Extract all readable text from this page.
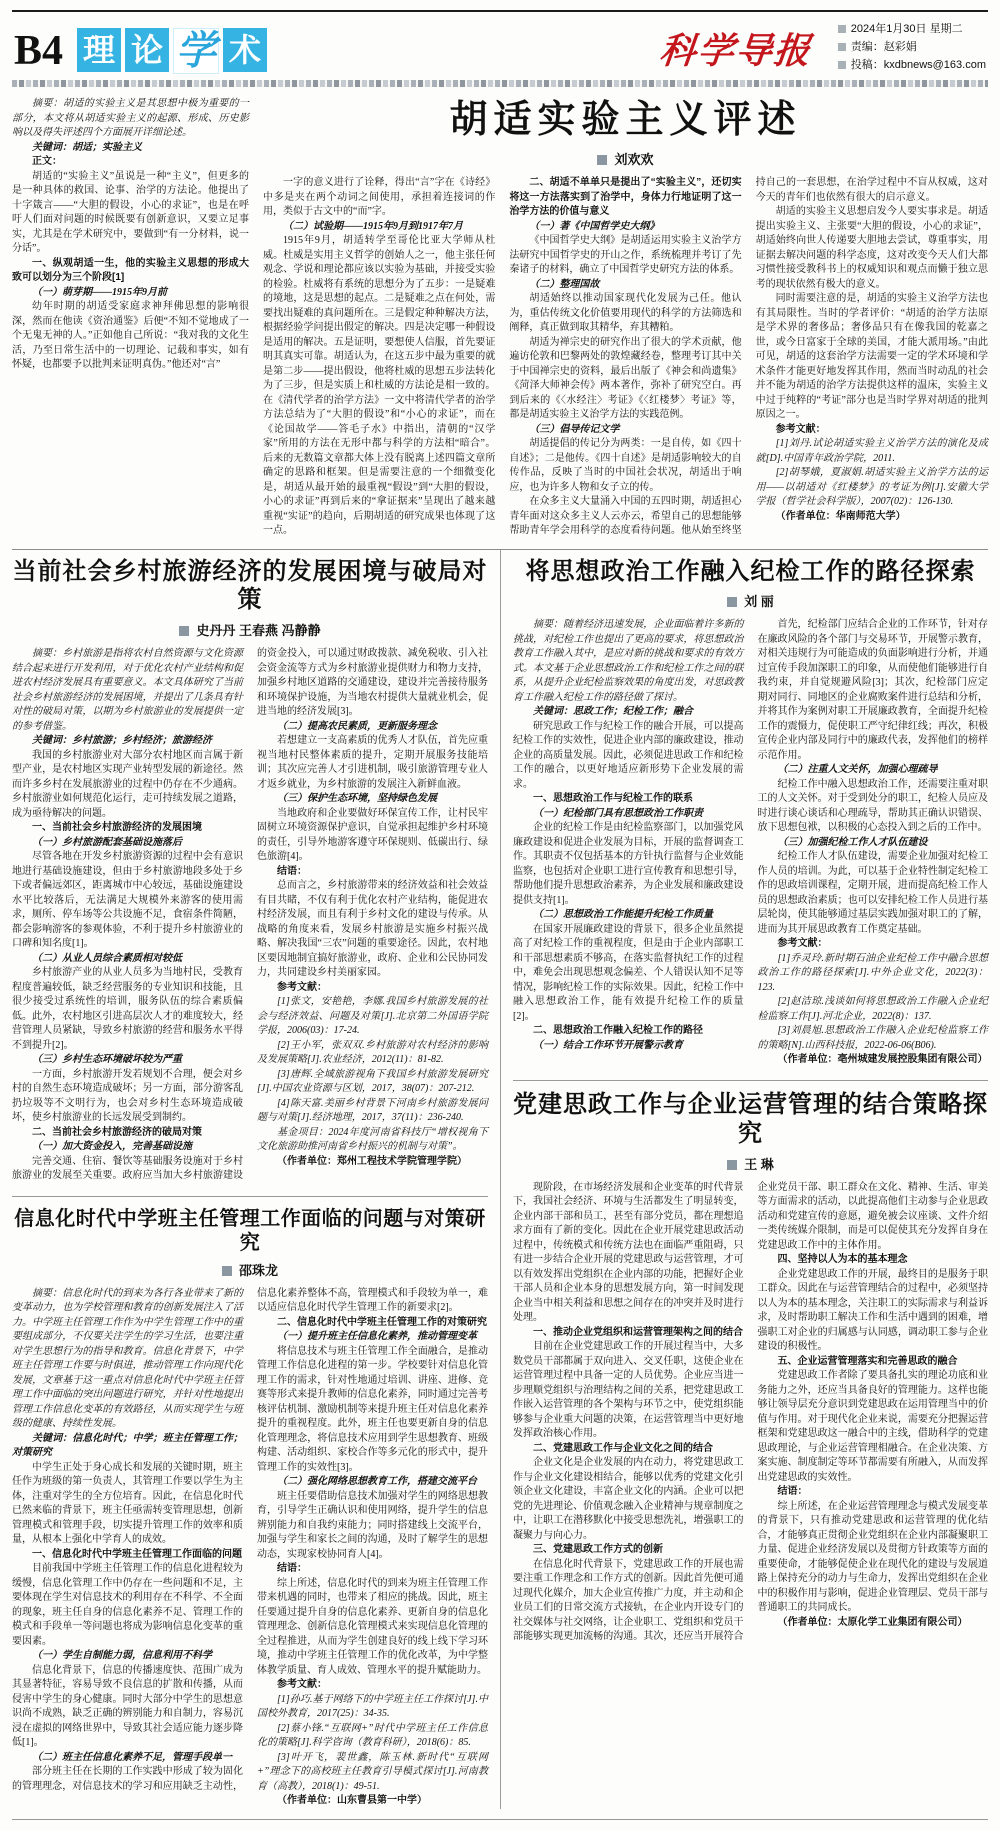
B4 理 论 学 术	科学导报
2024年1月30日 星期二
责编：赵彩娟
投稿：kxdbnews@163.com

摘要：胡适的实验主义是其思想中极为重要的一部分，本文将从胡适实验主义的起源、形成、历史影响以及得失评述四个方面展开详细论述。

关键词：胡适；实验主义

正文：

胡适的“实验主义”虽说是一种“主义”，但更多的是一种具体的救国、论事、治学的方法论。他提出了十字箴言——“大胆的假设，小心的求证”，也是在呼吁人们面对问题的时候既要有创新意识，又要立足事实，尤其是在学术研究中，要做到“有一分材料，说一分话”。

一、纵观胡适一生，他的实验主义思想的形成大致可以划分为三个阶段[1]

（一）萌芽期——1915年9月前

幼年时期的胡适受家庭求神拜佛思想的影响很深，然而在他读《资治通鉴》后便“不知不觉地成了一个无鬼无神的人。”正如他自己所说：“我对我的文化生活，乃至日常生活中的一切理论、记载和事实，如有怀疑，也都要予以批判来证明真伪。”他还对“言”

胡适实验主义评述
刘欢欢

一字的意义进行了诠释，得出“言”字在《诗经》中多是夹在两个动词之间使用，承担着连接词的作用，类似于古文中的“而”字。

（二）试验期——1915年9月到1917年7月

1915年9月，胡适转学至哥伦比亚大学师从杜威。杜威是实用主义哲学的创始人之一，他主张任何观念、学说和理论都应该以实验为基础，并接受实验的检验。杜威将有系统的思想分为了五步：一是疑难的境地，这是思想的起点。二是疑难之点在何处，需要找出疑难的真问题所在。三是假定种种解决方法，根据经验学问提出假定的解决。四是决定哪一种假设是适用的解决。五是证明，要想使人信服，首先要证明其真实可靠。胡适认为，在这五步中最为重要的就是第二步——提出假设，他将杜威的思想五步法转化为了三步，但是实质上和杜威的方法论是相一致的。在《清代学者的治学方法》一文中将清代学者的治学方法总结为了“大胆的假设”和“小心的求证”，而在《论国故学——答毛子水》中指出，清朝的“汉学家”所用的方法在无形中都与科学的方法相“暗合”。后来的无数篇文章都大体上没有脱离上述四篇文章所确定的思路和框架。但是需要注意的一个细微变化是，胡适从最开始的最重视“假设”到“大胆的假设，小心的求证”再到后来的“拿证据来”呈现出了越来越重视“实证”的趋向，后期胡适的研究成果也体现了这一点。

二、胡适不单单只是提出了“实验主义”，还切实将这一方法落实到了治学中，身体力行地证明了这一治学方法的价值与意义

（一）著《中国哲学史大纲》

《中国哲学史大纲》是胡适运用实验主义治学方法研究中国哲学史的开山之作，系统梳理并考订了先秦诸子的材料，确立了中国哲学史研究方法的体系。

（二）整理国故

胡适始终以推动国家现代化发展为己任。他认为，重估传统文化价值要用现代的科学的方法筛选和阐释，真正做到取其精华，弃其糟粕。

胡适为禅宗史的研究作出了很大的学术贡献，他遍访伦敦和巴黎两处的敦煌藏经卷，整理考订其中关于中国禅宗史的资料，最后出版了《神会和尚遗集》《菏泽大师神会传》两本著作，弥补了研究空白。再到后来的《〈水经注〉考证》《〈红楼梦〉考证》等，都是胡适实验主义治学方法的实践范例。

（三）倡导传记文学

胡适提倡的传记分为两类：一是自传，如《四十自述》；二是他传。《四十自述》是胡适影响较大的自传作品，反映了当时的中国社会状况，胡适出于响应，也为许多人物和女子立的传。

在众多主义大量涌入中国的五四时期，胡适担心青年面对这众多主义人云亦云，希望自己的思想能够帮助青年学会用科学的态度看待问题。他从始至终坚持自己的一套思想，在治学过程中不盲从权威，这对今天的青年们也依然有很大的启示意义。

胡适的实验主义思想启发今人要实事求是。胡适提出实验主义、主张要“大胆的假设，小心的求证”，胡适始终向世人传递要大胆地去尝试，尊重事实，用证据去解决问题的科学态度，这对改变今天人们大都习惯性接受教科书上的权威知识和观点而懒于独立思考的现状依然有极大的意义。

同时需要注意的是，胡适的实验主义治学方法也有其局限性。当时的学者评价：“胡适的治学方法原是学术界的奢侈品；奢侈品只有在像我国的乾嘉之世，或今日富家于全球的美国，才能大派用场。”由此可见，胡适的这套治学方法需要一定的学术环境和学术条件才能更好地发挥其作用，然而当时动乱的社会并不能为胡适的治学方法提供这样的温床，实验主义中过于纯粹的“考证”部分也是当时学界对胡适的批判原因之一。

参考文献：

[1]刘丹.试论胡适实验主义治学方法的演化及成就[D].中国青年政治学院，2011.

[2]胡琴娥，夏淑娟.胡适实验主义治学方法的运用——以胡适对《红楼梦》的考证为例[J].安徽大学学报（哲学社会科学版），2007(02)：126-130.

（作者单位：华南师范大学）

当前社会乡村旅游经济的发展困境与破局对策
史丹丹 王春燕 冯静静

摘要：乡村旅游是指将农村自然资源与文化资源结合起来进行开发利用，对于优化农村产业结构和促进农村经济发展具有重要意义。本文具体研究了当前社会乡村旅游经济的发展困境，并提出了几条具有针对性的破局对策，以期为乡村旅游业的发展提供一定的参考借鉴。

关键词：乡村旅游；乡村经济；旅游经济

我国的乡村旅游业对大部分农村地区而言属于新型产业，是农村地区实现产业转型发展的新途径。然而许多乡村在发展旅游业的过程中仍存在不少通病。乡村旅游业如何规范化运行，走可持续发展之道路，成为亟待解决的问题。

一、当前社会乡村旅游经济的发展困境

（一）乡村旅游配套基础设施落后

尽管各地在开发乡村旅游资源的过程中会有意识地进行基础设施建设，但由于乡村旅游地段多处于乡下或者偏远郊区，距离城市中心较远，基础设施建设水平比较落后，无法满足大规模外来游客的使用需求，厕所、停车场等公共设施不足，食宿条件简陋，都会影响游客的参观体验，不利于提升乡村旅游业的口碑和知名度[1]。

（二）从业人员综合素质相对较低

乡村旅游产业的从业人员多为当地村民，受教育程度普遍较低，缺乏经营服务的专业知识和技能，且很少接受过系统性的培训，服务队伍的综合素质偏低。此外，农村地区引进高层次人才的难度较大，经营管理人员紧缺，导致乡村旅游的经营和服务水平得不到提升[2]。

（三）乡村生态环境破坏较为严重

一方面，乡村旅游开发若规划不合理，便会对乡村的自然生态环境造成破坏；另一方面，部分游客乱扔垃圾等不文明行为，也会对乡村生态环境造成破坏，使乡村旅游业的长远发展受到制约。

二、当前社会乡村旅游经济的破局对策

（一）加大资金投入，完善基础设施

完善交通、住宿、餐饮等基础服务设施对于乡村旅游业的发展至关重要。政府应当加大乡村旅游建设的资金投入，可以通过财政拨款、减免税收、引入社会资金流等方式为乡村旅游业提供财力和物力支持，加强乡村地区道路的交通建设，建设并完善接待服务和环境保护设施，为当地农村提供大量就业机会，促进当地的经济发展[3]。

（二）提高农民素质，更新服务理念

若想建立一支高素质的优秀人才队伍，首先应重视当地村民整体素质的提升，定期开展服务技能培训；其次应完善人才引进机制，吸引旅游管理专业人才返乡就业，为乡村旅游的发展注入新鲜血液。

（三）保护生态环境，坚持绿色发展

当地政府和企业要做好环保宣传工作，让村民牢固树立环境资源保护意识，自觉承担起维护乡村环境的责任，引导外地游客遵守环保规则、低碳出行、绿色旅游[4]。

结语：

总而言之，乡村旅游带来的经济效益和社会效益有目共睹，不仅有利于优化农村产业结构，能促进农村经济发展，而且有利于乡村文化的建设与传承。从战略的角度来看，发展乡村旅游是实施乡村振兴战略、解决我国“三农”问题的重要途径。因此，农村地区要因地制宜搞好旅游业，政府、企业和公民协同发力，共同建设乡村美丽家园。

参考文献：

[1]张文，安艳艳，李娜.我国乡村旅游发展的社会与经济效益、问题及对策[J].北京第二外国语学院学报，2006(03)：17-24.

[2]王小军，张双双.乡村旅游对农村经济的影响及发展策略[J].农业经济，2012(11)：81-82.

[3]唐辉.全域旅游视角下我国乡村旅游发展研究[J].中国农业资源与区划，2017，38(07)：207-212.

[4]陈天富.美丽乡村背景下河南乡村旅游发展问题与对策[J].经济地理，2017，37(11)：236-240.

基金项目：2024年度河南省科技厅“增权视角下文化旅游助推河南省乡村振兴的机制与对策”。

（作者单位：郑州工程技术学院管理学院）

信息化时代中学班主任管理工作面临的问题与对策研究
邵珠龙

摘要：信息化时代的到来为各行各业带来了新的变革动力，也为学校管理和教育的创新发展注入了活力。中学班主任管理工作作为中学生管理工作中的重要组成部分，不仅要关注学生的学习生活，也要注重对学生思想行为的指导和教育。信息化背景下，中学班主任管理工作要与时俱进，推动管理工作向现代化发展，文章基于这一重点对信息化时代中学班主任管理工作中面临的突出问题进行研究，并针对性地提出管理工作信息化变革的有效路径，从而实现学生与班级的健康、持续性发展。

关键词：信息化时代；中学；班主任管理工作；对策研究

中学生正处于身心成长和发展的关键时期，班主任作为班级的第一负责人，其管理工作要以学生为主体，注重对学生的全方位培育。因此，在信息化时代已然来临的背景下，班主任亟需转变管理思想，创新管理模式和管理手段，切实提升管理工作的效率和质量，从根本上强化中学育人的成效。

一、信息化时代中学班主任管理工作面临的问题

目前我国中学班主任管理工作的信息化进程较为缓慢，信息化管理工作中仍存在一些问题和不足，主要体现在学生对信息技术的利用存在不科学、不全面的现象，班主任自身的信息化素养不足、管理工作的模式和手段单一等问题也将成为影响信息化变革的重要因素。

（一）学生自制能力弱，信息利用不科学

信息化背景下，信息的传播速度快、范围广成为其显著特征，容易导致不良信息的扩散和传播，从而侵害中学生的身心健康。同时大部分中学生的思想意识尚不成熟，缺乏正确的辨别能力和自制力，容易沉浸在虚拟的网络世界中，导致其社会适应能力逐步降低[1]。

（二）班主任信息化素养不足，管理手段单一

部分班主任在长期的工作实践中形成了较为固化的管理理念，对信息技术的学习和应用缺乏主动性，信息化素养整体不高，管理模式和手段较为单一，难以适应信息化时代学生管理工作的新要求[2]。

二、信息化时代中学班主任管理工作的对策研究

（一）提升班主任信息化素养，推动管理变革

将信息技术与班主任管理工作全面融合，是推动管理工作信息化进程的第一步。学校要针对信息化管理工作的需求，针对性地通过培训、讲座、进修、竞赛等形式来提升教师的信息化素养，同时通过完善考核评估机制、激励机制等来提升班主任对信息化素养提升的重视程度。此外，班主任也要更新自身的信息化管理理念，将信息技术应用到学生思想教育、班级构建、活动组织、家校合作等多元化的形式中，提升管理工作的实效性[3]。

（二）强化网络思想教育工作，搭建交流平台

班主任要借助信息技术加强对学生的网络思想教育，引导学生正确认识和使用网络，提升学生的信息辨别能力和自我约束能力；同时搭建线上交流平台，加强与学生和家长之间的沟通，及时了解学生的思想动态，实现家校协同育人[4]。

结语：

综上所述，信息化时代的到来为班主任管理工作带来机遇的同时，也带来了相应的挑战。因此，班主任要通过提升自身的信息化素养、更新自身的信息化管理理念、创新信息化管理模式来实现信息化管理的全过程推进，从而为学生创建良好的线上线下学习环境，推动中学班主任管理工作的优化改革，为中学整体教学质量、育人成效、管理水平的提升赋能助力。

参考文献：

[1]孙巧.基于网络下的中学班主任工作探讨[J].中国校外教育，2017(25)：34-35.

[2]蔡小锋.“互联网+”时代中学班主任工作信息化的策略[J].科学咨询（教育科研），2018(6)：85.

[3]叶开飞，裴世鑫，陈玉林.新时代“互联网+”理念下的高校班主任教育引导模式探讨[J].河南教育（高教），2018(1)：49-51.

（作者单位：山东曹县第一中学）

将思想政治工作融入纪检工作的路径探索
刘 丽

摘要：随着经济迅速发展，企业面临着许多新的挑战，对纪检工作也提出了更高的要求，将思想政治教育工作融入其中，是应对新的挑战和要求的有效方式。本文基于企业思想政治工作和纪检工作之间的联系，从提升企业纪检监察效果的角度出发，对思政教育工作融入纪检工作的路径做了探讨。

关键词：思政工作；纪检工作；融合

研究思政工作与纪检工作的融合开展，可以提高纪检工作的实效性，促进企业内部的廉政建设，推动企业的高质量发展。因此，必须促进思政工作和纪检工作的融合，以更好地适应新形势下企业发展的需求。

一、思想政治工作与纪检工作的联系

（一）纪检部门具有思想政治工作职责

企业的纪检工作是由纪检监察部门，以加强党风廉政建设和促进企业发展为目标，开展的监督调查工作。其职责不仅包括基本的方针执行监督与企业效能监察，也包括对企业职工进行宣传教育和思想引导，帮助他们提升思想政治素养，为企业发展和廉政建设提供支持[1]。

（二）思想政治工作能提升纪检工作质量

在国家开展廉政建设的背景下，很多企业虽然提高了对纪检工作的重视程度，但是由于企业内部职工和干部思想素质不够高，在落实监督执纪工作的过程中，难免会出现思想观念偏差、个人错误认知不足等情况，影响纪检工作的实际效果。因此，纪检工作中融入思想政治工作，能有效提升纪检工作的质量[2]。

二、思想政治工作融入纪检工作的路径

（一）结合工作环节开展警示教育

首先，纪检部门应结合企业的工作环节，针对存在廉政风险的各个部门与交易环节，开展警示教育，对相关违规行为可能造成的负面影响进行分析，并通过宣传手段加深职工的印象，从而使他们能够进行自我约束，并自觉规避风险[3]；其次，纪检部门应定期对同行、同地区的企业腐败案件进行总结和分析，并将其作为案例对职工开展廉政教育，全面提升纪检工作的震慑力，促使职工严守纪律红线；再次，积极宣传企业内部及同行中的廉政代表，发挥他们的榜样示范作用。

（二）注重人文关怀，加强心理疏导

纪检工作中融入思想政治工作，还需要注重对职工的人文关怀。对于受到处分的职工，纪检人员应及时进行谈心谈话和心理疏导，帮助其正确认识错误、放下思想包袱，以积极的心态投入到之后的工作中。

（三）加强纪检工作人才队伍建设

纪检工作人才队伍建设，需要企业加强对纪检工作人员的培训。为此，可以基于企业特性制定纪检工作的思政培训课程，定期开展，进而提高纪检工作人员的思想政治素质；也可以安排纪检工作人员进行基层轮岗，使其能够通过基层实践加强对职工的了解，进而为其开展思政教育工作奠定基础。

参考文献：

[1]乔灵玲.新时期石油企业纪检工作中融合思想政治工作的路径探索[J].中外企业文化，2022(3)：123.

[2]赵洁琼.浅谈如何将思想政治工作融入企业纪检监察工作[J].河北企业，2022(8)：137.

[3]刘晨旭.思想政治工作融入企业纪检监察工作的策略[N].山西科技报，2022-06-06(B06).

（作者单位：亳州城建发展控股集团有限公司）

党建思政工作与企业运营管理的结合策略探究
王 琳

现阶段，在市场经济发展和企业变革的时代背景下，我国社会经济、环境与生活都发生了明显转变，企业内部干部和员工，甚至有部分党员，都在理想追求方面有了新的变化。因此在企业开展党建思政活动过程中，传统模式和传统方法也在面临严重阻碍，只有进一步结合企业开展的党建思政与运营管理，才可以有效发挥出党组织在企业内部的功能，把握好企业干部人员和企业本身的思想发展方向，第一时间发现企业当中相关利益和思想之间存在的冲突并及时进行处理。

一、推动企业党组织和运营管理架构之间的结合

目前在企业党建思政工作的开展过程当中，大多数党员干部都属于双向进入、交叉任职，这使企业在运营管理过程中具备一定的人员优势。企业应当进一步理顺党组织与治理结构之间的关系，把党建思政工作嵌入运营管理的各个架构与环节之中，使党组织能够参与企业重大问题的决策，在运营管理当中更好地发挥政治核心作用。

二、党建思政工作与企业文化之间的结合

企业文化是企业发展的内在动力，将党建思政工作与企业文化建设相结合，能够以优秀的党建文化引领企业文化建设，丰富企业文化的内涵。企业可以把党的先进理论、价值观念融入企业精神与规章制度之中，让职工在潜移默化中接受思想洗礼，增强职工的凝聚力与向心力。

三、党建思政工作方式的创新

在信息化时代背景下，党建思政工作的开展也需要注重工作理念和工作方式的创新。因此首先便可通过现代化媒介，加大企业宣传推广力度，并主动和企业员工们的日常交流方式接轨，在企业内开设专门的社交媒体与社交网络，让企业职工、党组织和党员干部能够实现更加流畅的沟通。其次，还应当开展符合企业党员干部、职工群众在文化、精神、生活、审美等方面需求的活动，以此提高他们主动参与企业思政活动和党建宣传的意愿，避免被会议座谈、文件介绍一类传统媒介限制，而是可以促使其充分发挥自身在党建思政工作中的主体作用。

四、坚持以人为本的基本理念

企业党建思政工作的开展，最终目的是服务于职工群众。因此在与运营管理结合的过程中，必须坚持以人为本的基本理念，关注职工的实际需求与利益诉求，及时帮助职工解决工作和生活中遇到的困难，增强职工对企业的归属感与认同感，调动职工参与企业建设的积极性。

五、企业运营管理落实和完善思政的融合

党建思政工作者除了要具备扎实的理论功底和业务能力之外，还应当具备良好的管理能力。这样也能够让领导层充分意识到党建思政在运用管理当中的价值与作用。对于现代化企业来说，需要充分把握运营框架和党建思政这一融合中的主线，借助科学的党建思政理论，与企业运营管理相融合。在企业决策、方案实施、制度制定等环节都需要有所融入，从而发挥出党建思政的实效性。

结语：

综上所述，在企业运营管理理念与模式发展变革的背景下，只有推动党建思政和运营管理的优化结合，才能够真正贯彻企业党组织在企业内部凝聚职工力量、促进企业经济发展以及贯彻方针政策等方面的重要使命，才能够促使企业在现代化的建设与发展道路上保持充分的动力与生命力，发挥出党组织在企业中的积极作用与影响，促进企业管理层、党员干部与普通职工的共同成长。

（作者单位：太原化学工业集团有限公司）
